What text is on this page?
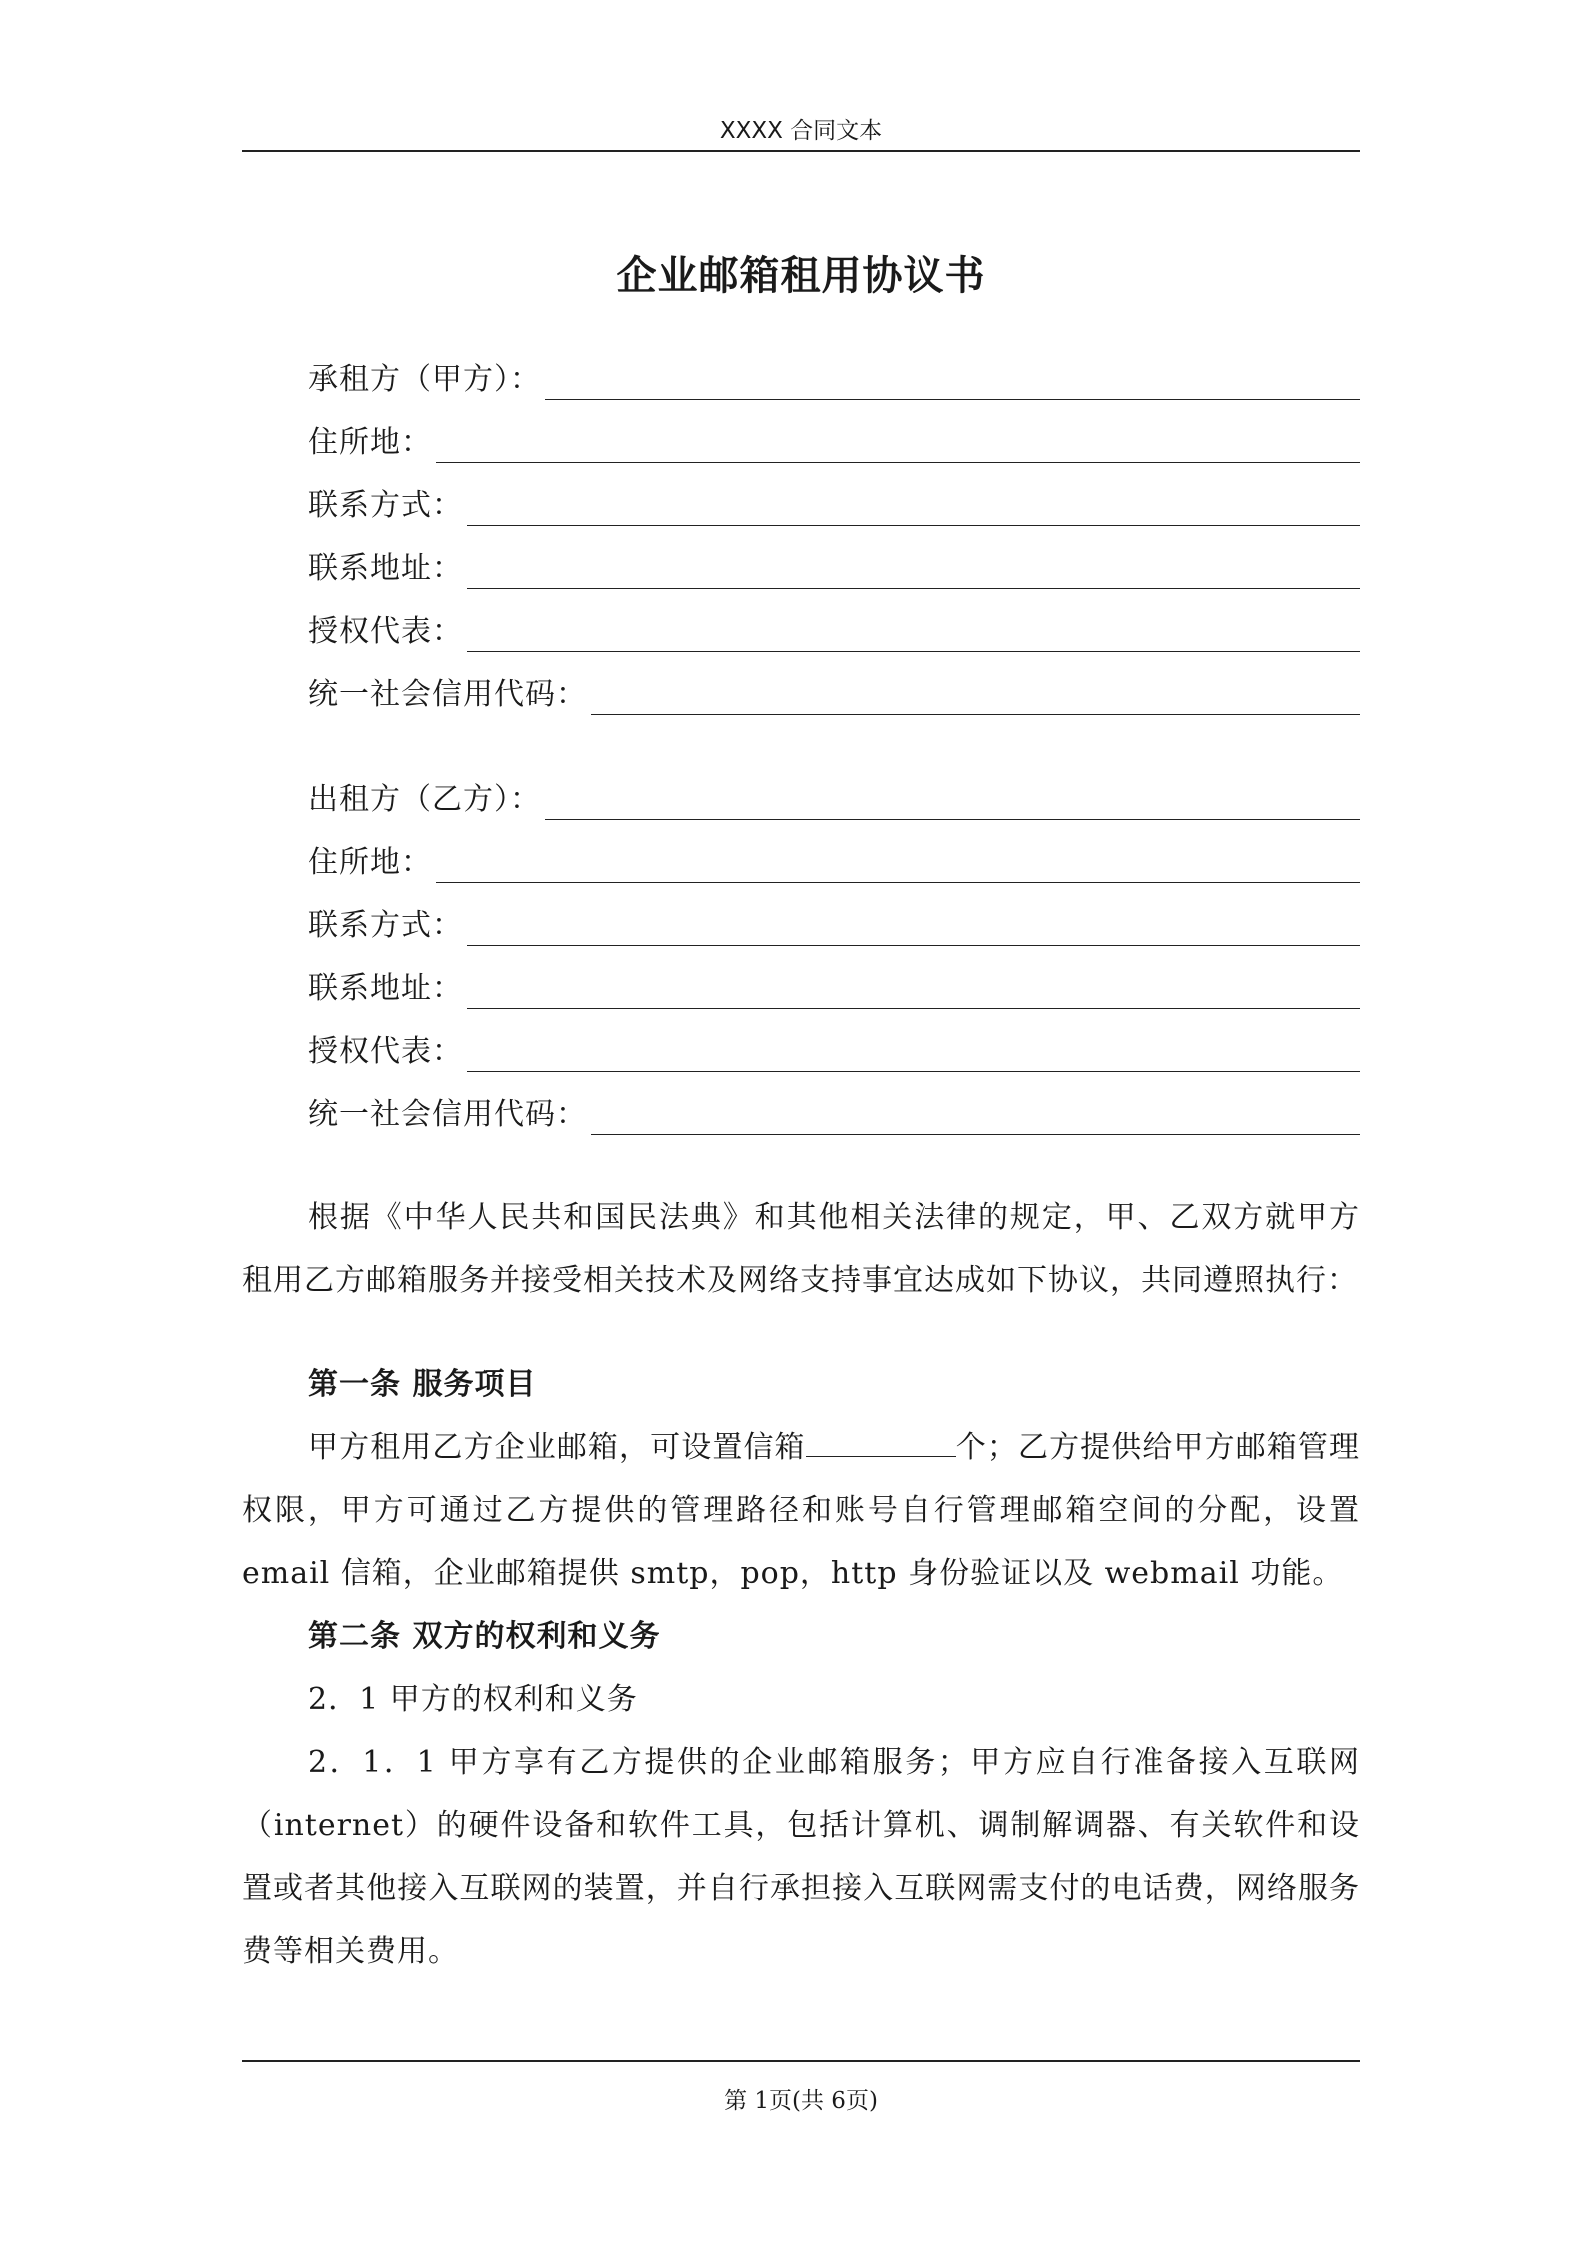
XXXX 合同文本
企业邮箱租用协议书
承租方（甲方）：
住所地：
联系方式：
联系地址：
授权代表：
统一社会信用代码：
出租方（乙方）：
住所地：
联系方式：
联系地址：
授权代表：
统一社会信用代码：

根据《中华人民共和国民法典》和其他相关法律的规定，甲、乙双方就甲方租用乙方邮箱服务并接受相关技术及网络支持事宜达成如下协议，共同遵照执行：

第一条 服务项目

甲方租用乙方企业邮箱，可设置信箱	个；乙方提供给甲方邮箱管理权限，甲方可通过乙方提供的管理路径和账号自行管理邮箱空间的分配，设置 email 信箱，企业邮箱提供 smtp，pop，http 身份验证以及 webmail 功能。

第二条 双方的权利和义务

2．1 甲方的权利和义务

2．1．1 甲方享有乙方提供的企业邮箱服务；甲方应自行准备接入互联网（internet）的硬件设备和软件工具，包括计算机、调制解调器、有关软件和设置或者其他接入互联网的装置，并自行承担接入互联网需支付的电话费，网络服务费等相关费用。

第 1页(共 6页)
